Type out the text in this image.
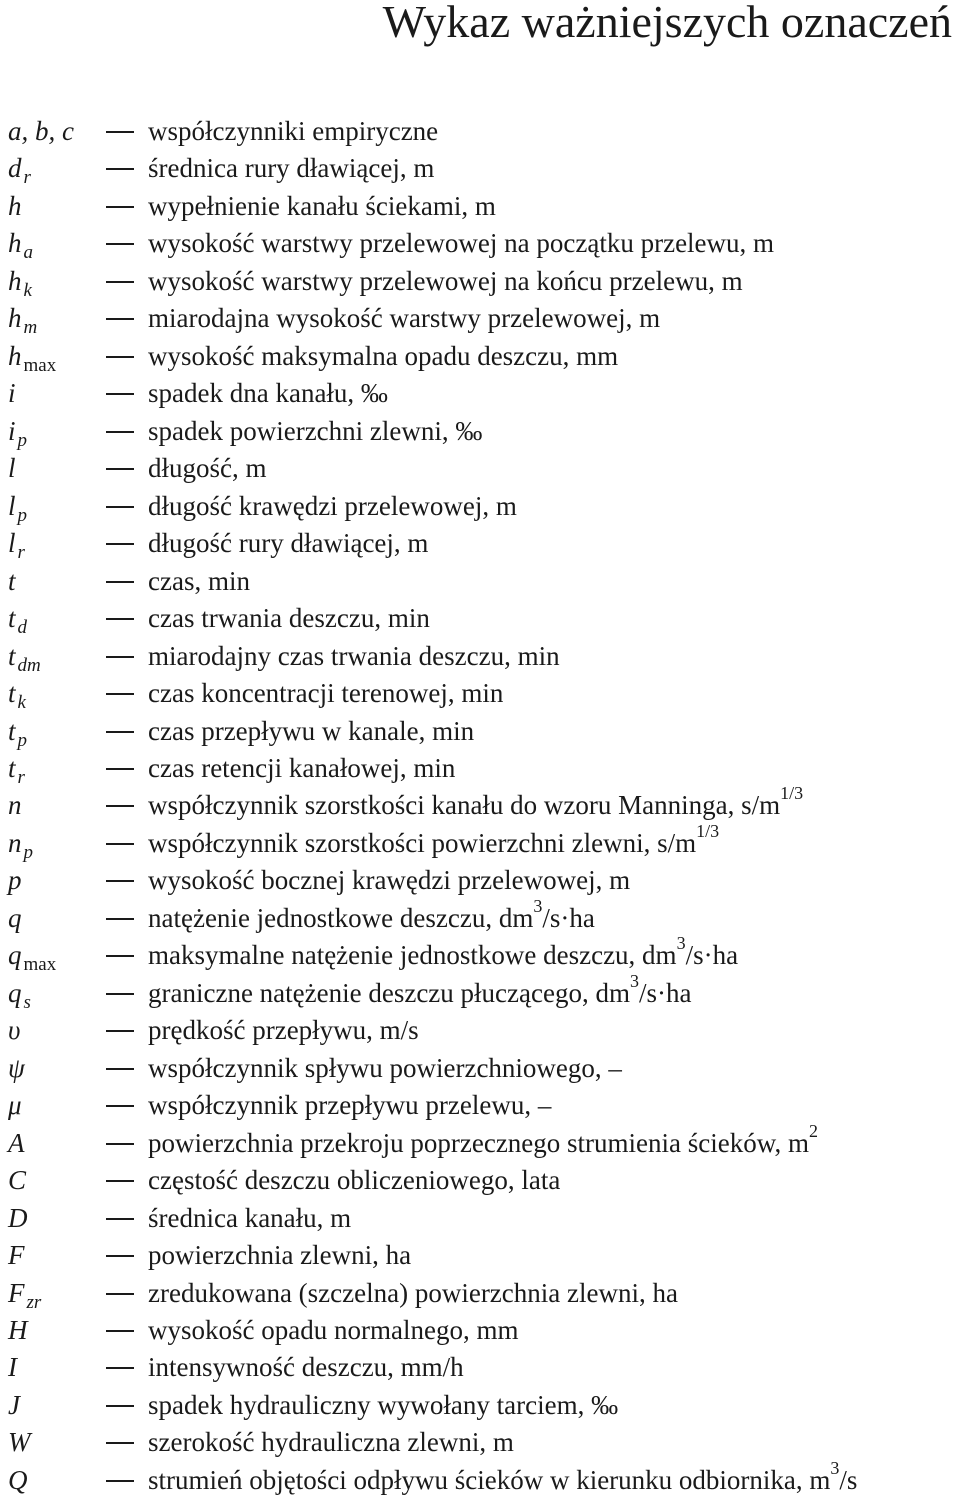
Wykaz ważniejszych oznaczeń
a, b, c	współczynniki empiryczne
d $_r$	średnica rury dławiącej, m
h	wypełnienie kanału ściekami, m
h $_a$	wysokość warstwy przelewowej na początku przelewu, m
h $_k$	wysokość warstwy przelewowej na końcu przelewu, m
h $_m$	miarodajna wysokość warstwy przelewowej, m
h $_{max}$	wysokość maksymalna opadu deszczu, mm
i	spadek dna kanału, ‰
i $_p$	spadek powierzchni zlewni, ‰
l	długość, m
l $_p$	długość krawędzi przelewowej, m
l $_r$	długość rury dławiącej, m
t	czas, min
t $_d$	czas trwania deszczu, min
t $_{dm}$	miarodajny czas trwania deszczu, min
t $_k$	czas koncentracji terenowej, min
t $_p$	czas przepływu w kanale, min
t $_r$	czas retencji kanałowej, min
n	współczynnik szorstkości kanału do wzoru Manninga, $s/m^{1/3}$
n $_p$	współczynnik szorstkości powierzchni zlewni, $s/m^{1/3}$
p	wysokość bocznej krawędzi przelewowej, m
q	natężenie jednostkowe deszczu, $dm^3/s\cdot ha$
q $_{max}$	maksymalne natężenie jednostkowe deszczu, $dm^3/s\cdot ha$
q $_s$	graniczne natężenie deszczu płuczącego, $dm^3/s\cdot ha$
υ	prędkość przepływu, m/s
ψ	współczynnik spływu powierzchniowego, –
μ	współczynnik przepływu przelewu, –
A	powierzchnia przekroju poprzecznego strumienia ścieków, $m^2$
C	częstość deszczu obliczeniowego, lata
D	średnica kanału, m
F	powierzchnia zlewni, ha
F $_{zr}$	zredukowana (szczelna) powierzchnia zlewni, ha
H	wysokość opadu normalnego, mm
I	intensywność deszczu, mm/h
J	spadek hydrauliczny wywołany tarciem, ‰
W	szerokość hydrauliczna zlewni, m
Q	strumień objętości odpływu ścieków w kierunku odbiornika, $m^3/s$
